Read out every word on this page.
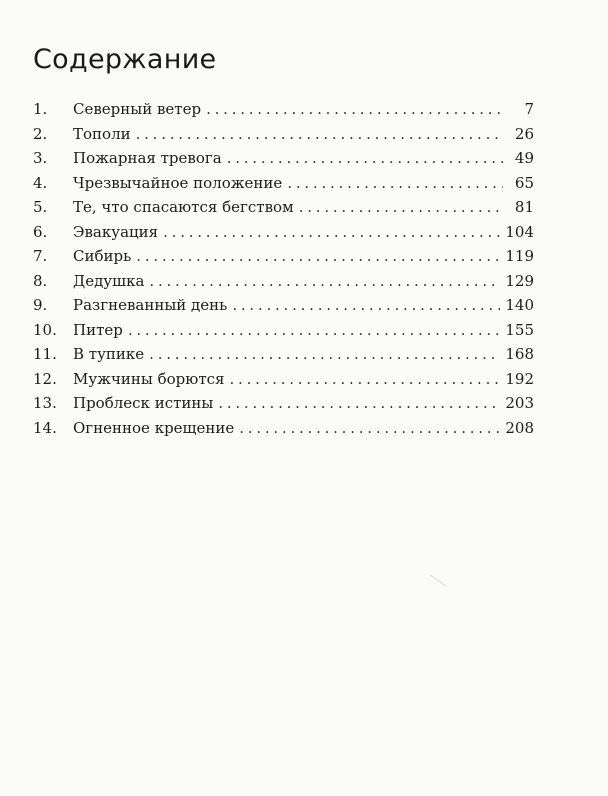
Содержание
1.	Северный ветер . . .	7
2.	Тополи . . .	26
3.	Пожарная тревога . . .	49
4.	Чрезвычайное положение . . .	65
5.	Те, что спасаются бегством . . .	81
6.	Эвакуация . . .	104
7.	Сибирь . . .	119
8.	Дедушка . . .	129
9.	Разгневанный день . . .	140
10.	Питер . . .	155
11.	В тупике . . .	168
12.	Мужчины борются . . .	192
13.	Проблеск истины . . .	203
14.	Огненное крещение . . .	208
